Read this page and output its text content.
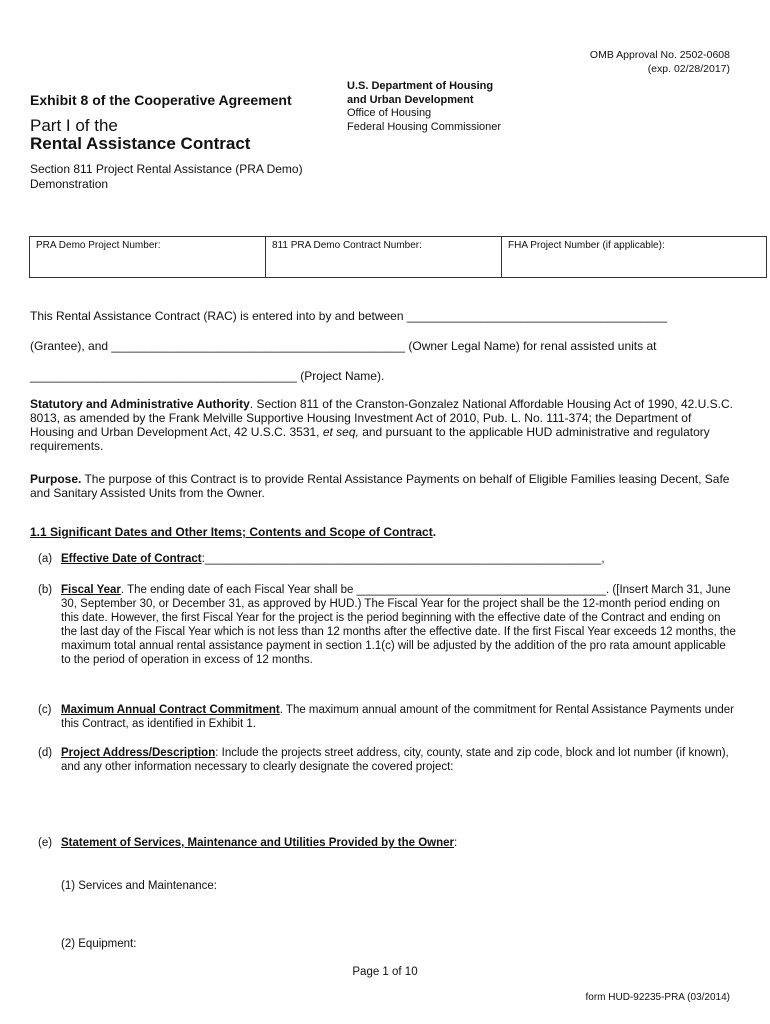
OMB Approval No. 2502-0608
(exp. 02/28/2017)
Exhibit 8 of the Cooperative Agreement
Part I of the
Rental Assistance Contract
U.S. Department of Housing
and Urban Development
Office of Housing
Federal Housing Commissioner
Section 811 Project Rental Assistance (PRA Demo)
Demonstration
PRA Demo Project Number:	811 PRA Demo Contract Number:	FHA Project Number (if applicable):
This Rental Assistance Contract (RAC) is entered into by and between _______________________________________
(Grantee), and ____________________________________________ (Owner Legal Name) for renal assisted units at
________________________________________ (Project Name).
Statutory and Administrative Authority. Section 811 of the Cranston-Gonzalez National Affordable Housing Act of 1990, 42.U.S.C. 8013, as amended by the Frank Melville Supportive Housing Investment Act of 2010, Pub. L. No. 111-374; the Department of Housing and Urban Development Act, 42 U.S.C. 3531, et seq, and pursuant to the applicable HUD administrative and regulatory requirements.
Purpose. The purpose of this Contract is to provide Rental Assistance Payments on behalf of Eligible Families leasing Decent, Safe and Sanitary Assisted Units from the Owner.
1.1 Significant Dates and Other Items; Contents and Scope of Contract.
(a) Effective Date of Contract:______________________________________________________________,
(b) Fiscal Year. The ending date of each Fiscal Year shall be _______________________________________. ([Insert March 31, June 30, September 30, or December 31, as approved by HUD.) The Fiscal Year for the project shall be the 12-month period ending on this date. However, the first Fiscal Year for the project is the period beginning with the effective date of the Contract and ending on the last day of the Fiscal Year which is not less than 12 months after the effective date. If the first Fiscal Year exceeds 12 months, the maximum total annual rental assistance payment in section 1.1(c) will be adjusted by the addition of the pro rata amount applicable to the period of operation in excess of 12 months.
(c) Maximum Annual Contract Commitment. The maximum annual amount of the commitment for Rental Assistance Payments under this Contract, as identified in Exhibit 1.
(d) Project Address/Description: Include the projects street address, city, county, state and zip code, block and lot number (if known), and any other information necessary to clearly designate the covered project:
(e) Statement of Services, Maintenance and Utilities Provided by the Owner:
(1) Services and Maintenance:
(2) Equipment:
Page 1 of 10
form HUD-92235-PRA (03/2014)
